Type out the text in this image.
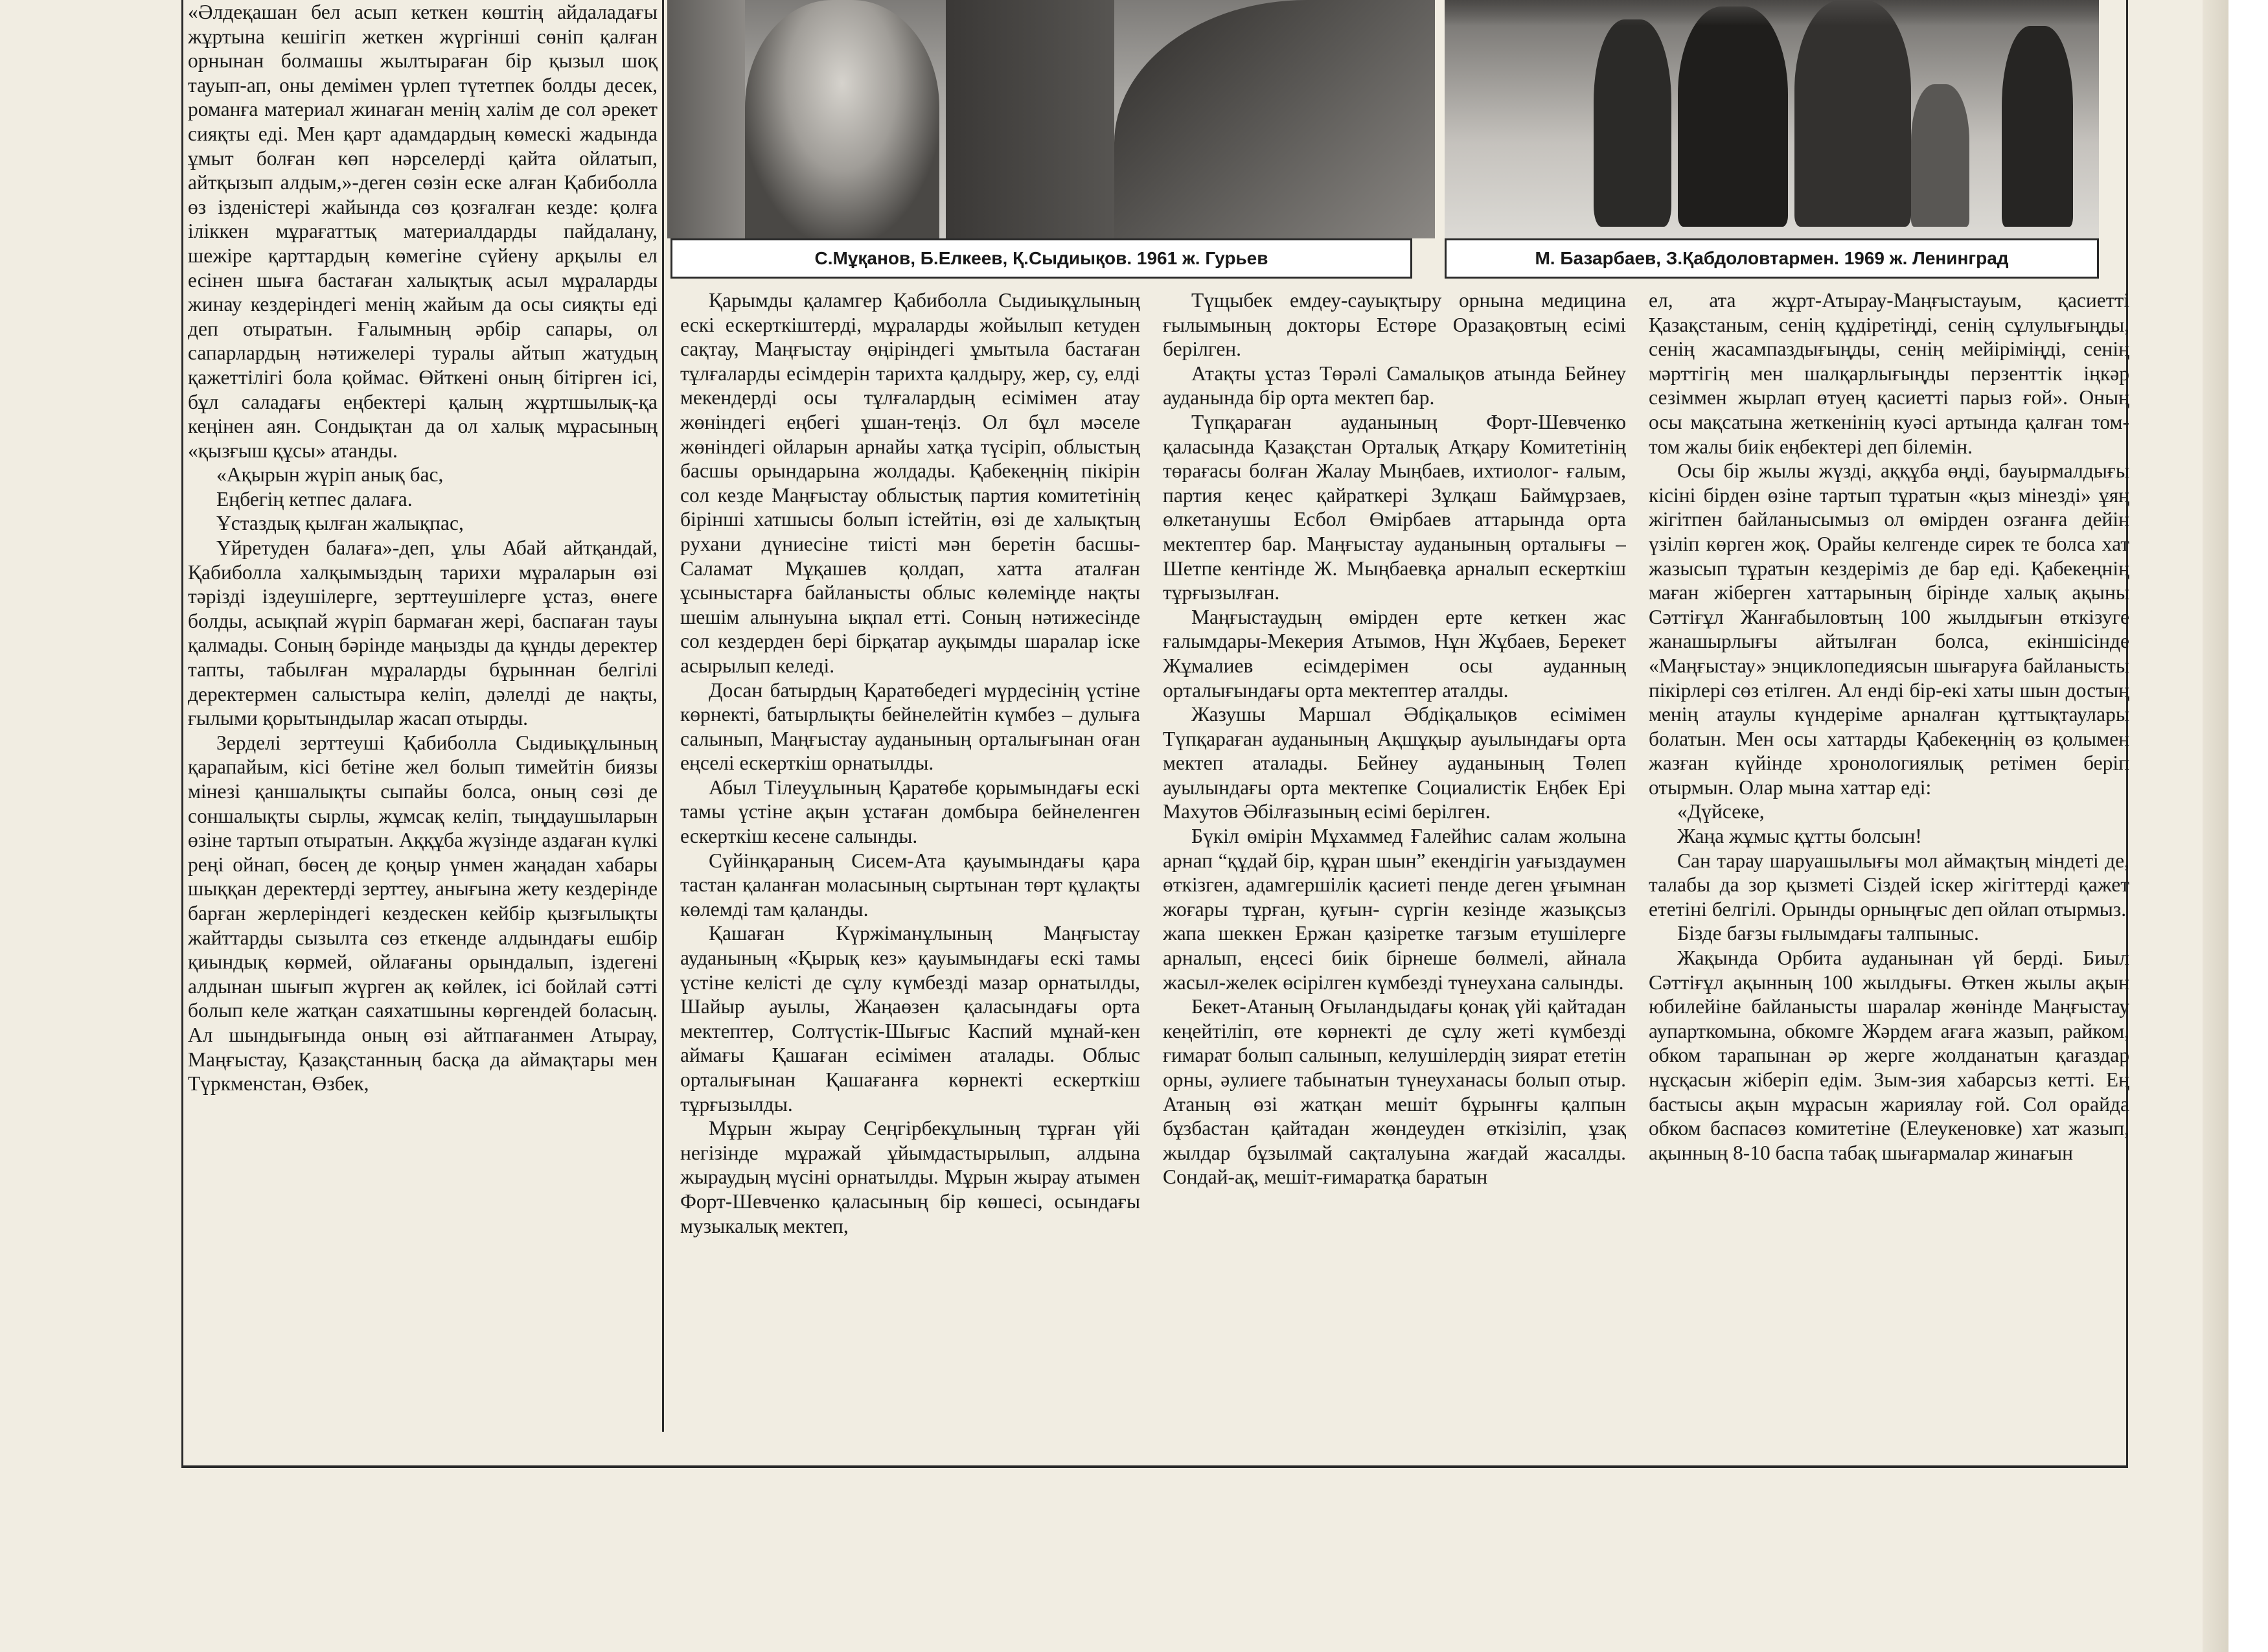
С.Мұқанов, Б.Елкеев, Қ.Сыдиықов. 1961 ж. Гурьев	М. Базарбаев, З.Қабдоловтармен. 1969 ж. Ленинград

«Әлдеқашан бел асып кеткен көштің айдаладағы жұртына кешігіп жеткен жүргінші сөніп қалған орнынан болмашы жылтыраған бір қызыл шоқ тауып-ап, оны демімен үрлеп түтетпек болды десек, романға материал жинаған менің халім де сол әрекет сияқты еді. Мен қарт адамдардың көмескі жадында ұмыт болған көп нәрселерді қайта ойлатып, айтқызып алдым,»-деген сөзін еске алған Қабиболла өз ізденістері жайында сөз қозғалған кезде: қолға іліккен мұрағаттық материалдарды пайдалану, шежіре қарттардың көмегіне сүйену арқылы ел есінен шыға бастаған халықтық асыл мұраларды жинау кездеріндегі менің жайым да осы сияқты еді деп отыратын. Ғалымның әрбір сапары, ол сапарлардың нәтижелері туралы айтып жатудың қажеттілігі бола қоймас. Өйткені оның бітірген ісі, бұл саладағы еңбектері қалың жұртшылық-қа кеңінен аян. Сондықтан да ол халық мұрасының «қызғыш құсы» атанды.

«Ақырын жүріп анық бас,

Еңбегің кетпес далаға.

Ұстаздық қылған жалықпас,

Үйретуден балаға»-деп, ұлы Абай айтқандай, Қабиболла халқымыздың тарихи мұраларын өзі тәрізді іздеушілерге, зерттеушілерге ұстаз, өнеге болды, асықпай жүріп бармаған жері, баспаған тауы қалмады. Соның бәрінде маңызды да құнды деректер тапты, табылған мұраларды бұрыннан белгілі деректермен салыстыра келіп, дәлелді де нақты, ғылыми қорытындылар жасап отырды.

Зерделі зерттеуші Қабиболла Сыдиықұлының қарапайым, кісі бетіне жел болып тимейтін биязы мінезі қаншалықты сыпайы болса, оның сөзі де соншалықты сырлы, жұмсақ келіп, тыңдаушыларын өзіне тартып отыратын. Аққұба жүзінде аздаған күлкі реңі ойнап, бөсең де қоңыр үнмен жаңадан хабары шыққан деректерді зерттеу, анығына жету кездерінде барған жерлеріндегі кездескен кейбір қызғылықты жайттарды сызылта сөз еткенде алдындағы ешбір қиындық көрмей, ойлағаны орындалып, іздегені алдынан шығып жүрген ақ көйлек, ісі бойлай сәтті болып келе жатқан саяхатшыны көргендей боласың. Ал шындығында оның өзі айтпағанмен Атырау, Маңғыстау, Қазақстанның басқа да аймақтары мен Түркменстан, Өзбек,

Қарымды қаламгер Қабиболла Сыдиықұлының ескі ескерткіштерді, мұраларды жойылып кетуден сақтау, Маңғыстау өңіріндегі ұмытыла бастаған тұлғаларды есімдерін тарихта қалдыру, жер, су, елді мекендерді осы тұлғалардың есімімен атау жөніндегі еңбегі ұшан-теңіз. Ол бұл мәселе жөніндегі ойларын арнайы хатқа түсіріп, облыстың басшы орындарына жолдады. Қабекеңнің пікірін сол кезде Маңғыстау облыстық партия комитетінің бірінші хатшысы болып істейтін, өзі де халықтың рухани дүниесіне тиісті мән беретін басшы- Саламат Мұқашев қолдап, хатта аталған ұсыныстарға байланысты облыс көлеміңде нақты шешім алынуына ықпал етті. Соның нәтижесінде сол кездерден бері бірқатар ауқымды шаралар іске асырылып келеді.

Досан батырдың Қаратөбедегі мүрдесінің үстіне көрнекті, батырлықты бейнелейтін күмбез – дулыға салынып, Маңғыстау ауданының орталығынан оған еңселі ескерткіш орнатылды.

Абыл Тілеуұлының Қаратөбе қорымындағы ескі тамы үстіне ақын ұстаған домбыра бейнеленген ескерткіш кесене салынды.

Сүйінқараның Сисем-Ата қауымындағы қара тастан қаланған моласының сыртынан төрт құлақты көлемді там қаланды.

Қашаған Күржіманұлының Маңғыстау ауданының «Қырық кез» қауымындағы ескі тамы үстіне келісті де сұлу күмбезді мазар орнатылды, Шайыр ауылы, Жаңаөзен қаласындағы орта мектептер, Солтүстік-Шығыс Каспий мұнай-кен аймағы Қашаған есімімен аталады. Облыс орталығынан Қашағанға көрнекті ескерткіш тұрғызылды.

Мұрын жырау Сеңгірбекұлының тұрған үйі негізінде мұражай ұйымдастырылып, алдына жыраудың мүсіні орнатылды. Мұрын жырау атымен Форт-Шевченко қаласының бір көшесі, осындағы музыкалық мектеп,

Түщыбек емдеу-сауықтыру орнына медицина ғылымының докторы Естөре Оразақовтың есімі берілген.

Атақты ұстаз Төрәлі Самалықов атында Бейнеу ауданында бір орта мектеп бар.

Түпқараған ауданының Форт-Шевченко қаласында Қазақстан Орталық Атқару Комитетінің төрағасы болған Жалау Мыңбаев, ихтиолог- ғалым, партия кеңес қайраткері Зұлқаш Баймұрзаев, өлкетанушы Есбол Өмірбаев аттарында орта мектептер бар. Маңғыстау ауданының орталығы – Шетпе кентінде Ж. Мыңбаевқа арналып ескерткіш тұрғызылған.

Маңғыстаудың өмірден ерте кеткен жас ғалымдары-Мекерия Атымов, Нұн Жұбаев, Берекет Жұмалиев есімдерімен осы ауданның орталығындағы орта мектептер аталды.

Жазушы Маршал Әбдіқалықов есімімен Түпқараған ауданының Ақшұқыр ауылындағы орта мектеп аталады. Бейнеу ауданының Төлеп ауылындағы орта мектепке Социалистік Еңбек Ері Махутов Әбілғазының есімі берілген.

Бүкіл өмірін Мұхаммед Ғалейһис салам жолына арнап “құдай бір, құран шын” екендігін уағыздаумен өткізген, адамгершілік қасиеті пенде деген ұғымнан жоғары тұрған, қуғын- сүргін кезінде жазықсыз жапа шеккен Ержан қазіретке тағзым етушілерге арналып, еңсесі биік бірнеше бөлмелі, айнала жасыл-желек өсірілген күмбезді түнеухана салынды.

Бекет-Атаның Оғыландыдағы қонақ үйі қайтадан кеңейтіліп, өте көрнекті де сұлу жеті күмбезді ғимарат болып салынып, келушілердің зиярат ететін орны, әулиеге табынатын түнеуханасы болып отыр. Атаның өзі жатқан мешіт бұрынғы қалпын бұзбастан қайтадан жөндеуден өткізіліп, ұзақ жылдар бұзылмай сақталуына жағдай жасалды. Сондай-ақ, мешіт-ғимаратқа баратын

ел, ата жұрт-Атырау-Маңғыстауым, қасиетті Қазақстаным, сенің құдіретіңді, сенің сұлулығыңды, сенің жасампаздығыңды, сенің мейіріміңді, сенің мәрттігің мен шалқарлығыңды перзенттік іңкәр сезіммен жырлап өтуең қасиетті парыз ғой». Оның осы мақсатына жеткенінің куәсі артында қалған том-том жалы биік еңбектері деп білемін.

Осы бір жылы жүзді, аққұба өңді, бауырмалдығы кісіні бірден өзіне тартып тұратын «қыз мінезді» ұяң жігітпен байланысымыз ол өмірден озғанға дейін үзіліп көрген жоқ. Орайы келгенде сирек те болса хат жазысып тұратын кездеріміз де бар еді. Қабекеңнің маған жіберген хаттарының бірінде халық ақыны Сәттіғұл Жанғабыловтың 100 жылдығын өткізуге жанашырлығы айтылған болса, екіншісінде «Маңғыстау» энциклопедиясын шығаруға байланысты пікірлері сөз етілген. Ал енді бір-екі хаты шын достың менің атаулы күндеріме арналған құттықтаулары болатын. Мен осы хаттарды Қабекеңнің өз қолымен жазған күйінде хронологиялық ретімен беріп отырмын. Олар мына хаттар еді:

«Дүйсеке,

Жаңа жұмыс құтты болсын!

Сан тарау шаруашылығы мол аймақтың міндеті де, талабы да зор қызметі Сіздей іскер жігіттерді қажет ететіні белгілі. Орынды орныңғыс деп ойлап отырмыз.

Бізде бағзы ғылымдағы талпыныс.

Жақында Орбита ауданынан үй берді. Биыл Сәттіғұл ақынның 100 жылдығы. Өткен жылы ақын юбилейіне байланысты шаралар жөнінде Маңғыстау аупарткомына, обкомге Жәрдем ағаға жазып, райком, обком тарапынан әр жерге жолданатын қағаздар нұсқасын жіберіп едім. Зым-зия хабарсыз кетті. Ең бастысы ақын мұрасын жариялау ғой. Сол орайда обком баспасөз комитетіне (Елеукеновке) хат жазып, ақынның 8-10 баспа табақ шығармалар жинағын
